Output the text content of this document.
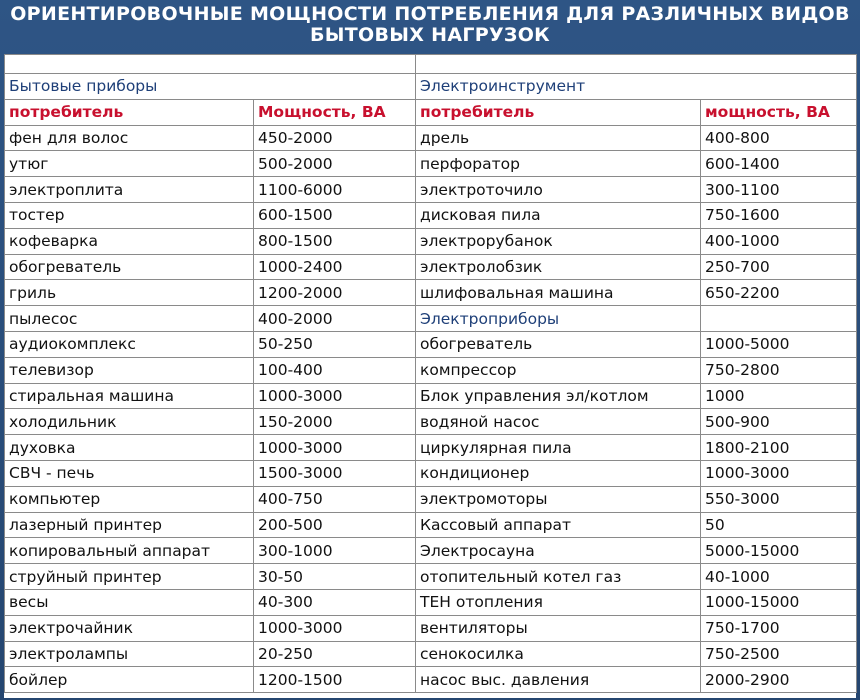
ОРИЕНТИРОВОЧНЫЕ МОЩНОСТИ ПОТРЕБЛЕНИЯ ДЛЯ РАЗЛИЧНЫХ ВИДОВ
БЫТОВЫХ НАГРУЗОК

Бытовые приборы		Электроинструмент	
потребитель	Мощность, ВА	потребитель	мощность, ВА
фен для волос	450-2000	дрель	400-800
утюг	500-2000	перфоратор	600-1400
электроплита	1100-6000	электроточило	300-1100
тостер	600-1500	дисковая пила	750-1600
кофеварка	800-1500	электрорубанок	400-1000
обогреватель	1000-2400	электролобзик	250-700
гриль	1200-2000	шлифовальная машина	650-2200
пылесос	400-2000	Электроприборы	
аудиокомплекс	50-250	обогреватель	1000-5000
телевизор	100-400	компрессор	750-2800
стиральная машина	1000-3000	Блок управления эл/котлом	1000
холодильник	150-2000	водяной насос	500-900
духовка	1000-3000	циркулярная пила	1800-2100
СВЧ - печь	1500-3000	кондиционер	1000-3000
компьютер	400-750	электромоторы	550-3000
лазерный принтер	200-500	Кассовый аппарат	50
копировальный аппарат	300-1000	Электросауна	5000-15000
струйный принтер	30-50	отопительный котел газ	40-1000
весы	40-300	ТЕН отопления	1000-15000
электрочайник	1000-3000	вентиляторы	750-1700
электролампы	20-250	сенокосилка	750-2500
бойлер	1200-1500	насос выс. давления	2000-2900
